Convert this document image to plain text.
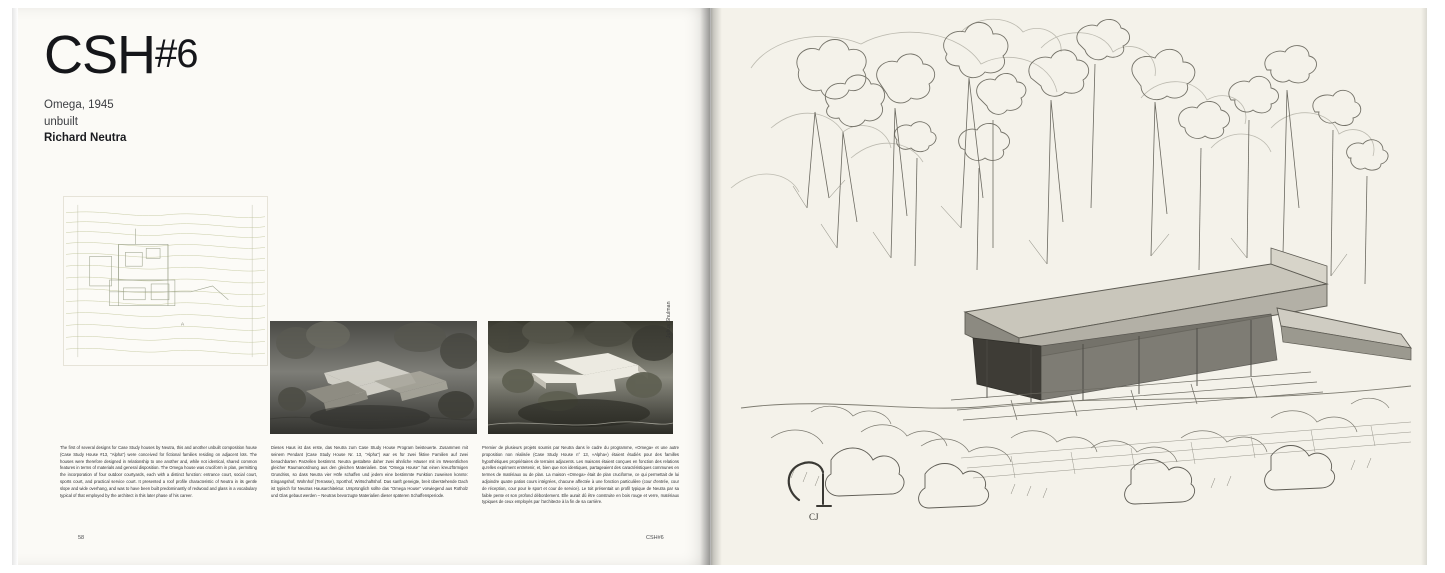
CSH#6
Omega, 1945
unbuilt
Richard Neutra
A	Julius Shulman
The first of several designs for Case Study houses by Neutra, this and another unbuilt composition house (Case Study House #13, "Alpha") were conceived for fictional families residing on adjacent lots. The houses were therefore designed in relationship to one another and, while not identical, shared common features in terms of materials and general disposition. The Omega house was cruciform in plan, permitting the incorporation of four outdoor courtyards, each with a distinct function: entrance court, social court, sports court, and practical service court. It presented a roof profile characteristic of Neutra in its gentle slope and wide overhang, and was to have been built predominantly of redwood and glass in a vocabulary typical of that employed by the architect in this later phase of his career.
Dieses Haus ist das erste, das Neutra zum Case Study House Program beisteuerte. Zusammen mit seinem Pendant (Case Study House Nr. 13, "Alpha") war es für zwei fiktive Familien auf zwei benachbarten Parzellen bestimmt. Neutra gestaltete daher zwei ähnliche Häuser mit im Wesentlichen gleicher Raumanordnung aus den gleichen Materialien. Das "Omega House" hat einen kreuzförmigen Grundriss, so dass Neutra vier Höfe schaffen und jedem eine bestimmte Funktion zuweisen konnte: Eingangshof, Wohnhof (Terrasse), Sporthof, Wirtschaftshof. Das sanft geneigte, breit überstehende Dach ist typisch für Neutras Hausarchitektur. Ursprünglich sollte das "Omega House" vorwiegend aus Rotholz und Glas gebaut werden – Neutras bevorzugte Materialien dieser späteren Schaffensperiode.
Premier de plusieurs projets soumis par Neutra dans le cadre du programme, «Omega» et une autre proposition non réalisée (Case Study House n° 13, «Alpha») étaient étudiés pour des familles hypothétiques propriétaires de terrains adjacents. Les maisons étaient conçues en fonction des relations qu'elles expriment entretenir, et, bien que non identiques, partageaient des caractéristiques communes en termes de matériaux ou de plan. La maison «Omega» était de plan cruciforme, ce qui permettait de lui adjoindre quatre patios cours intégrées, chacune affectée à une fonction particulière (cour d'entrée, cour de réception, cour pour le sport et cour de service). Le toit présentait un profil typique de Neutra par sa faible pente et son profond débordement. Elle aurait dû être construite en bois rouge et verre, matériaux typiques de ceux employés par l'architecte à la fin de sa carrière.
58	CSH#6
CJ
